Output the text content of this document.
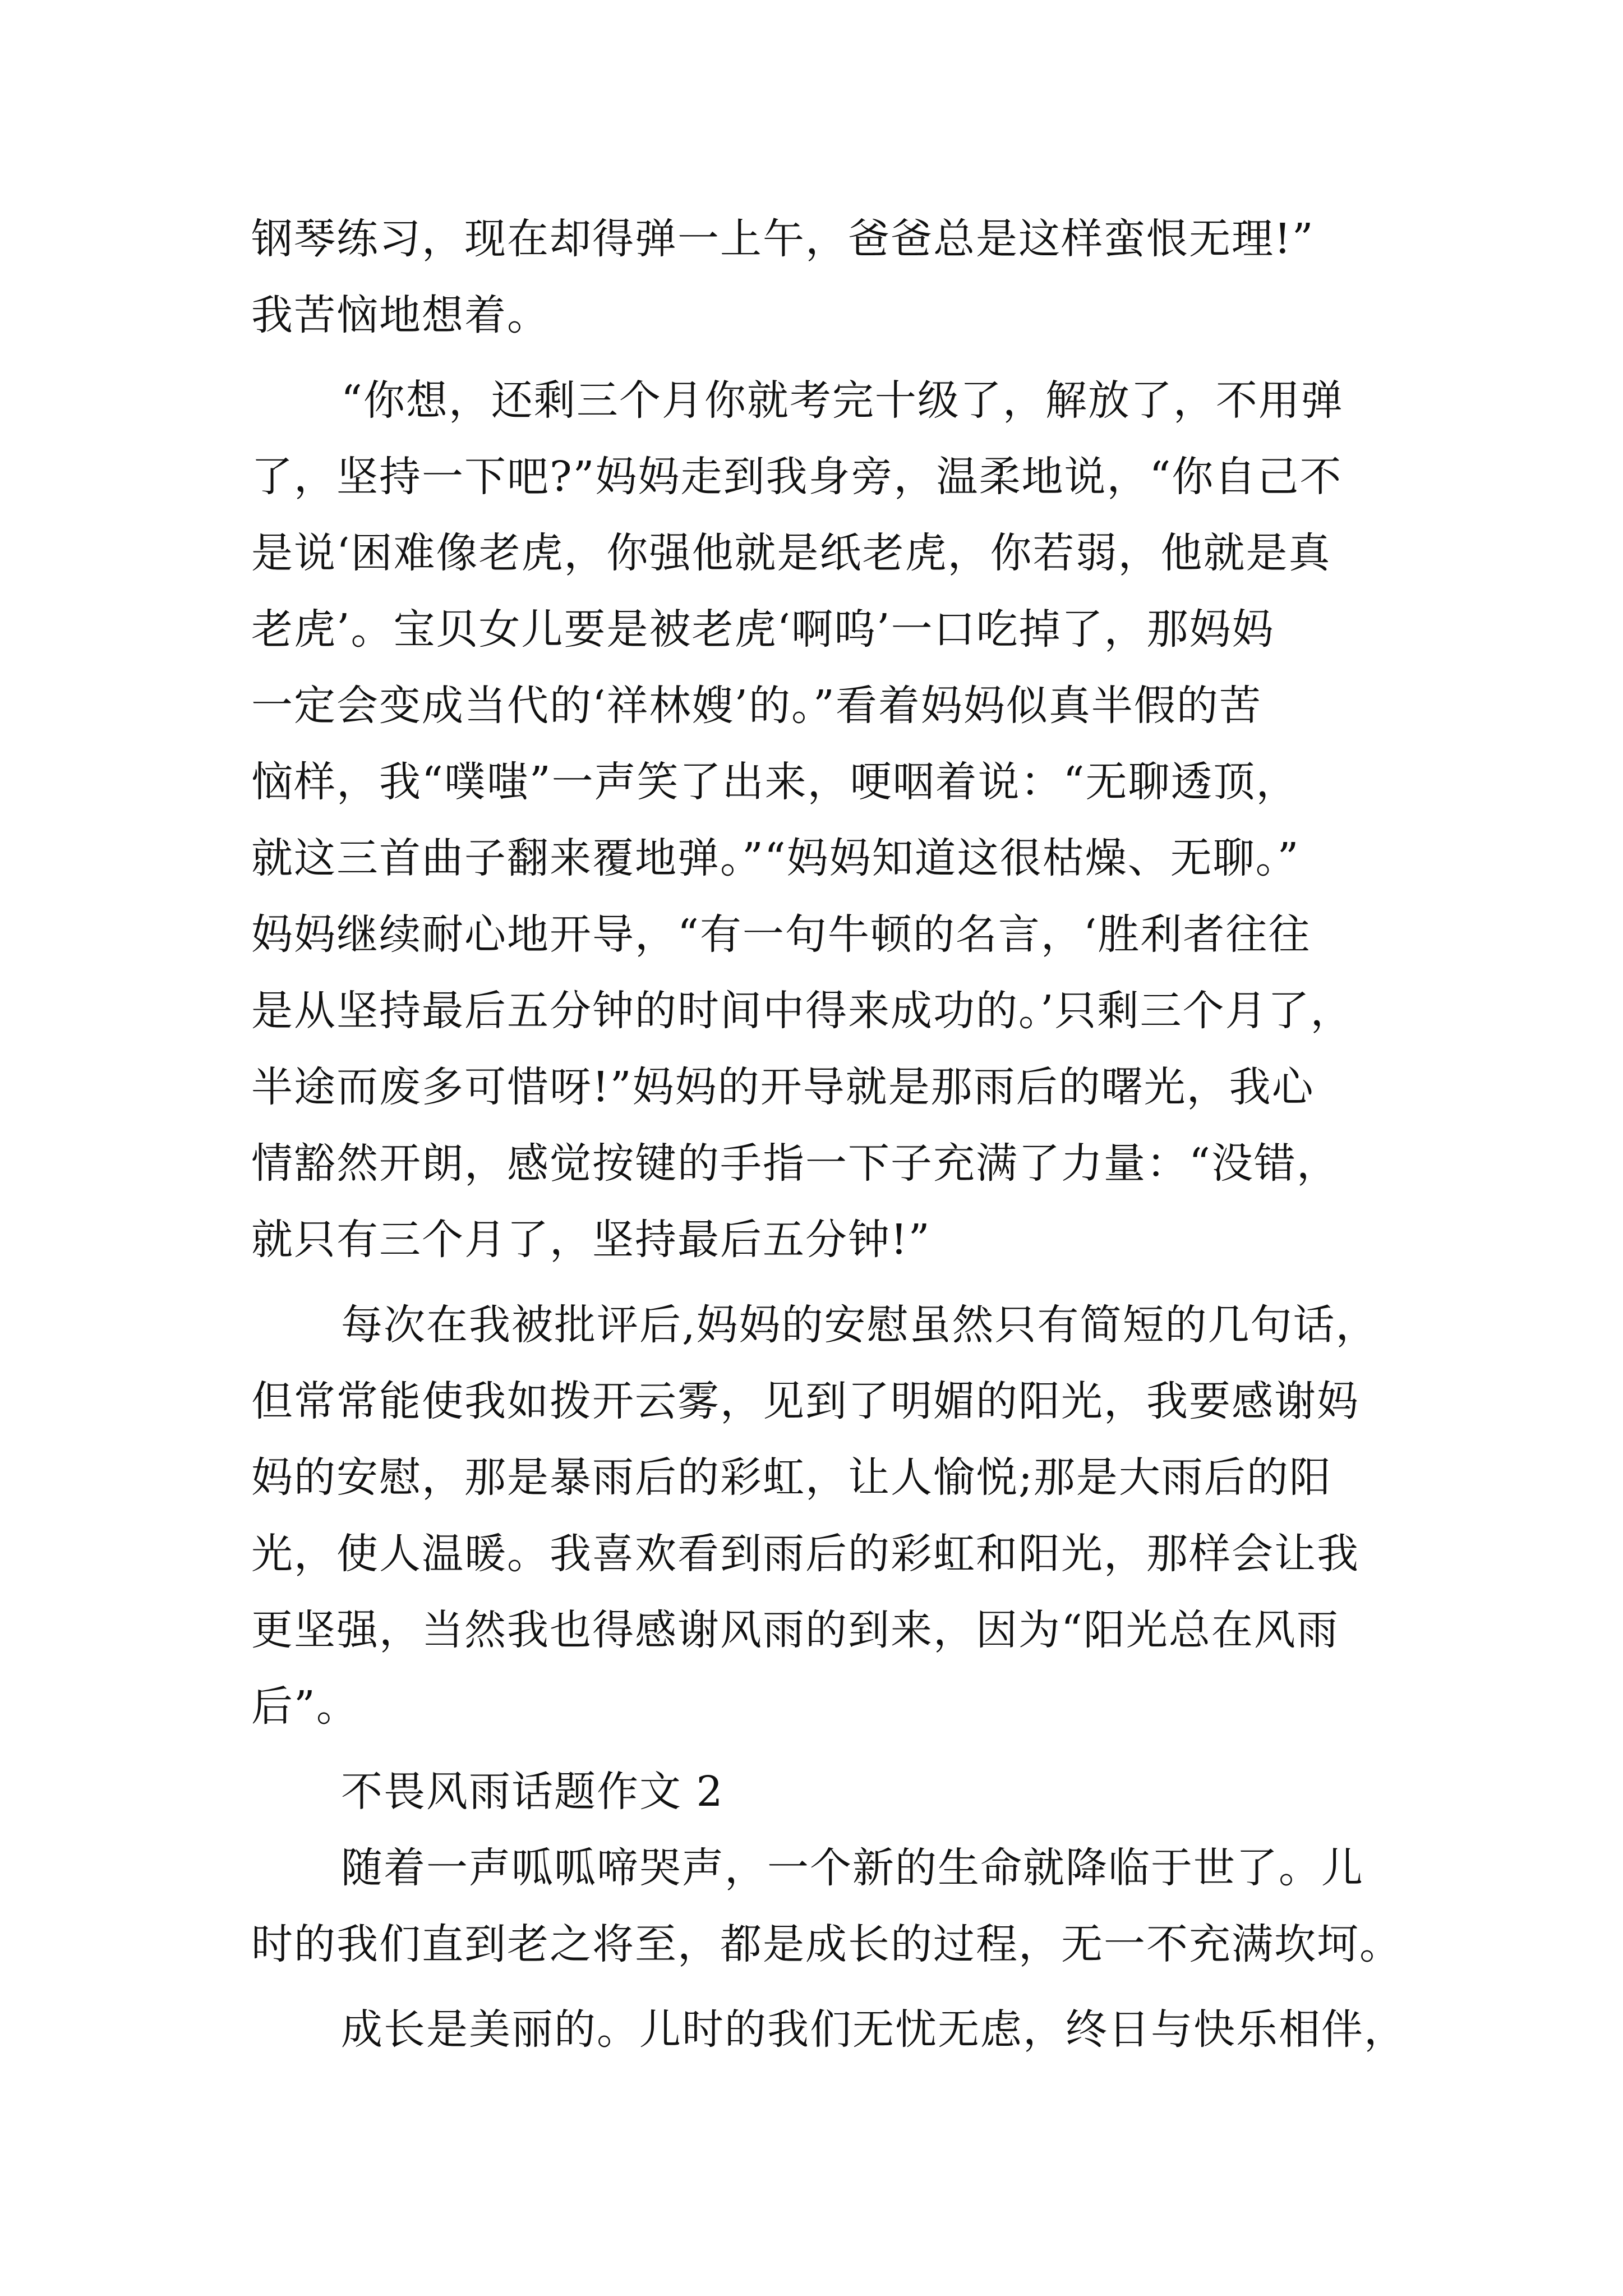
钢琴练习，现在却得弹一上午，爸爸总是这样蛮恨无理!”
我苦恼地想着。
“你想，还剩三个月你就考完十级了，解放了，不用弹
了，坚持一下吧?”妈妈走到我身旁，温柔地说，“你自己不
是说‘困难像老虎，你强他就是纸老虎，你若弱，他就是真
老虎’。宝贝女儿要是被老虎‘啊呜’一口吃掉了，那妈妈
一定会变成当代的‘祥林嫂’的。”看着妈妈似真半假的苦
恼样，我“噗嗤”一声笑了出来，哽咽着说：“无聊透顶，
就这三首曲子翻来覆地弹。”“妈妈知道这很枯燥、无聊。”
妈妈继续耐心地开导，“有一句牛顿的名言，‘胜利者往往
是从坚持最后五分钟的时间中得来成功的。’只剩三个月了，
半途而废多可惜呀!”妈妈的开导就是那雨后的曙光，我心
情豁然开朗，感觉按键的手指一下子充满了力量：“没错，
就只有三个月了，坚持最后五分钟!”
每次在我被批评后,妈妈的安慰虽然只有简短的几句话，
但常常能使我如拨开云雾，见到了明媚的阳光，我要感谢妈
妈的安慰，那是暴雨后的彩虹，让人愉悦;那是大雨后的阳
光，使人温暖。我喜欢看到雨后的彩虹和阳光，那样会让我
更坚强，当然我也得感谢风雨的到来，因为“阳光总在风雨
后”。
不畏风雨话题作文 2
随着一声呱呱啼哭声，一个新的生命就降临于世了。儿
时的我们直到老之将至，都是成长的过程，无一不充满坎坷。
成长是美丽的。儿时的我们无忧无虑，终日与快乐相伴，
